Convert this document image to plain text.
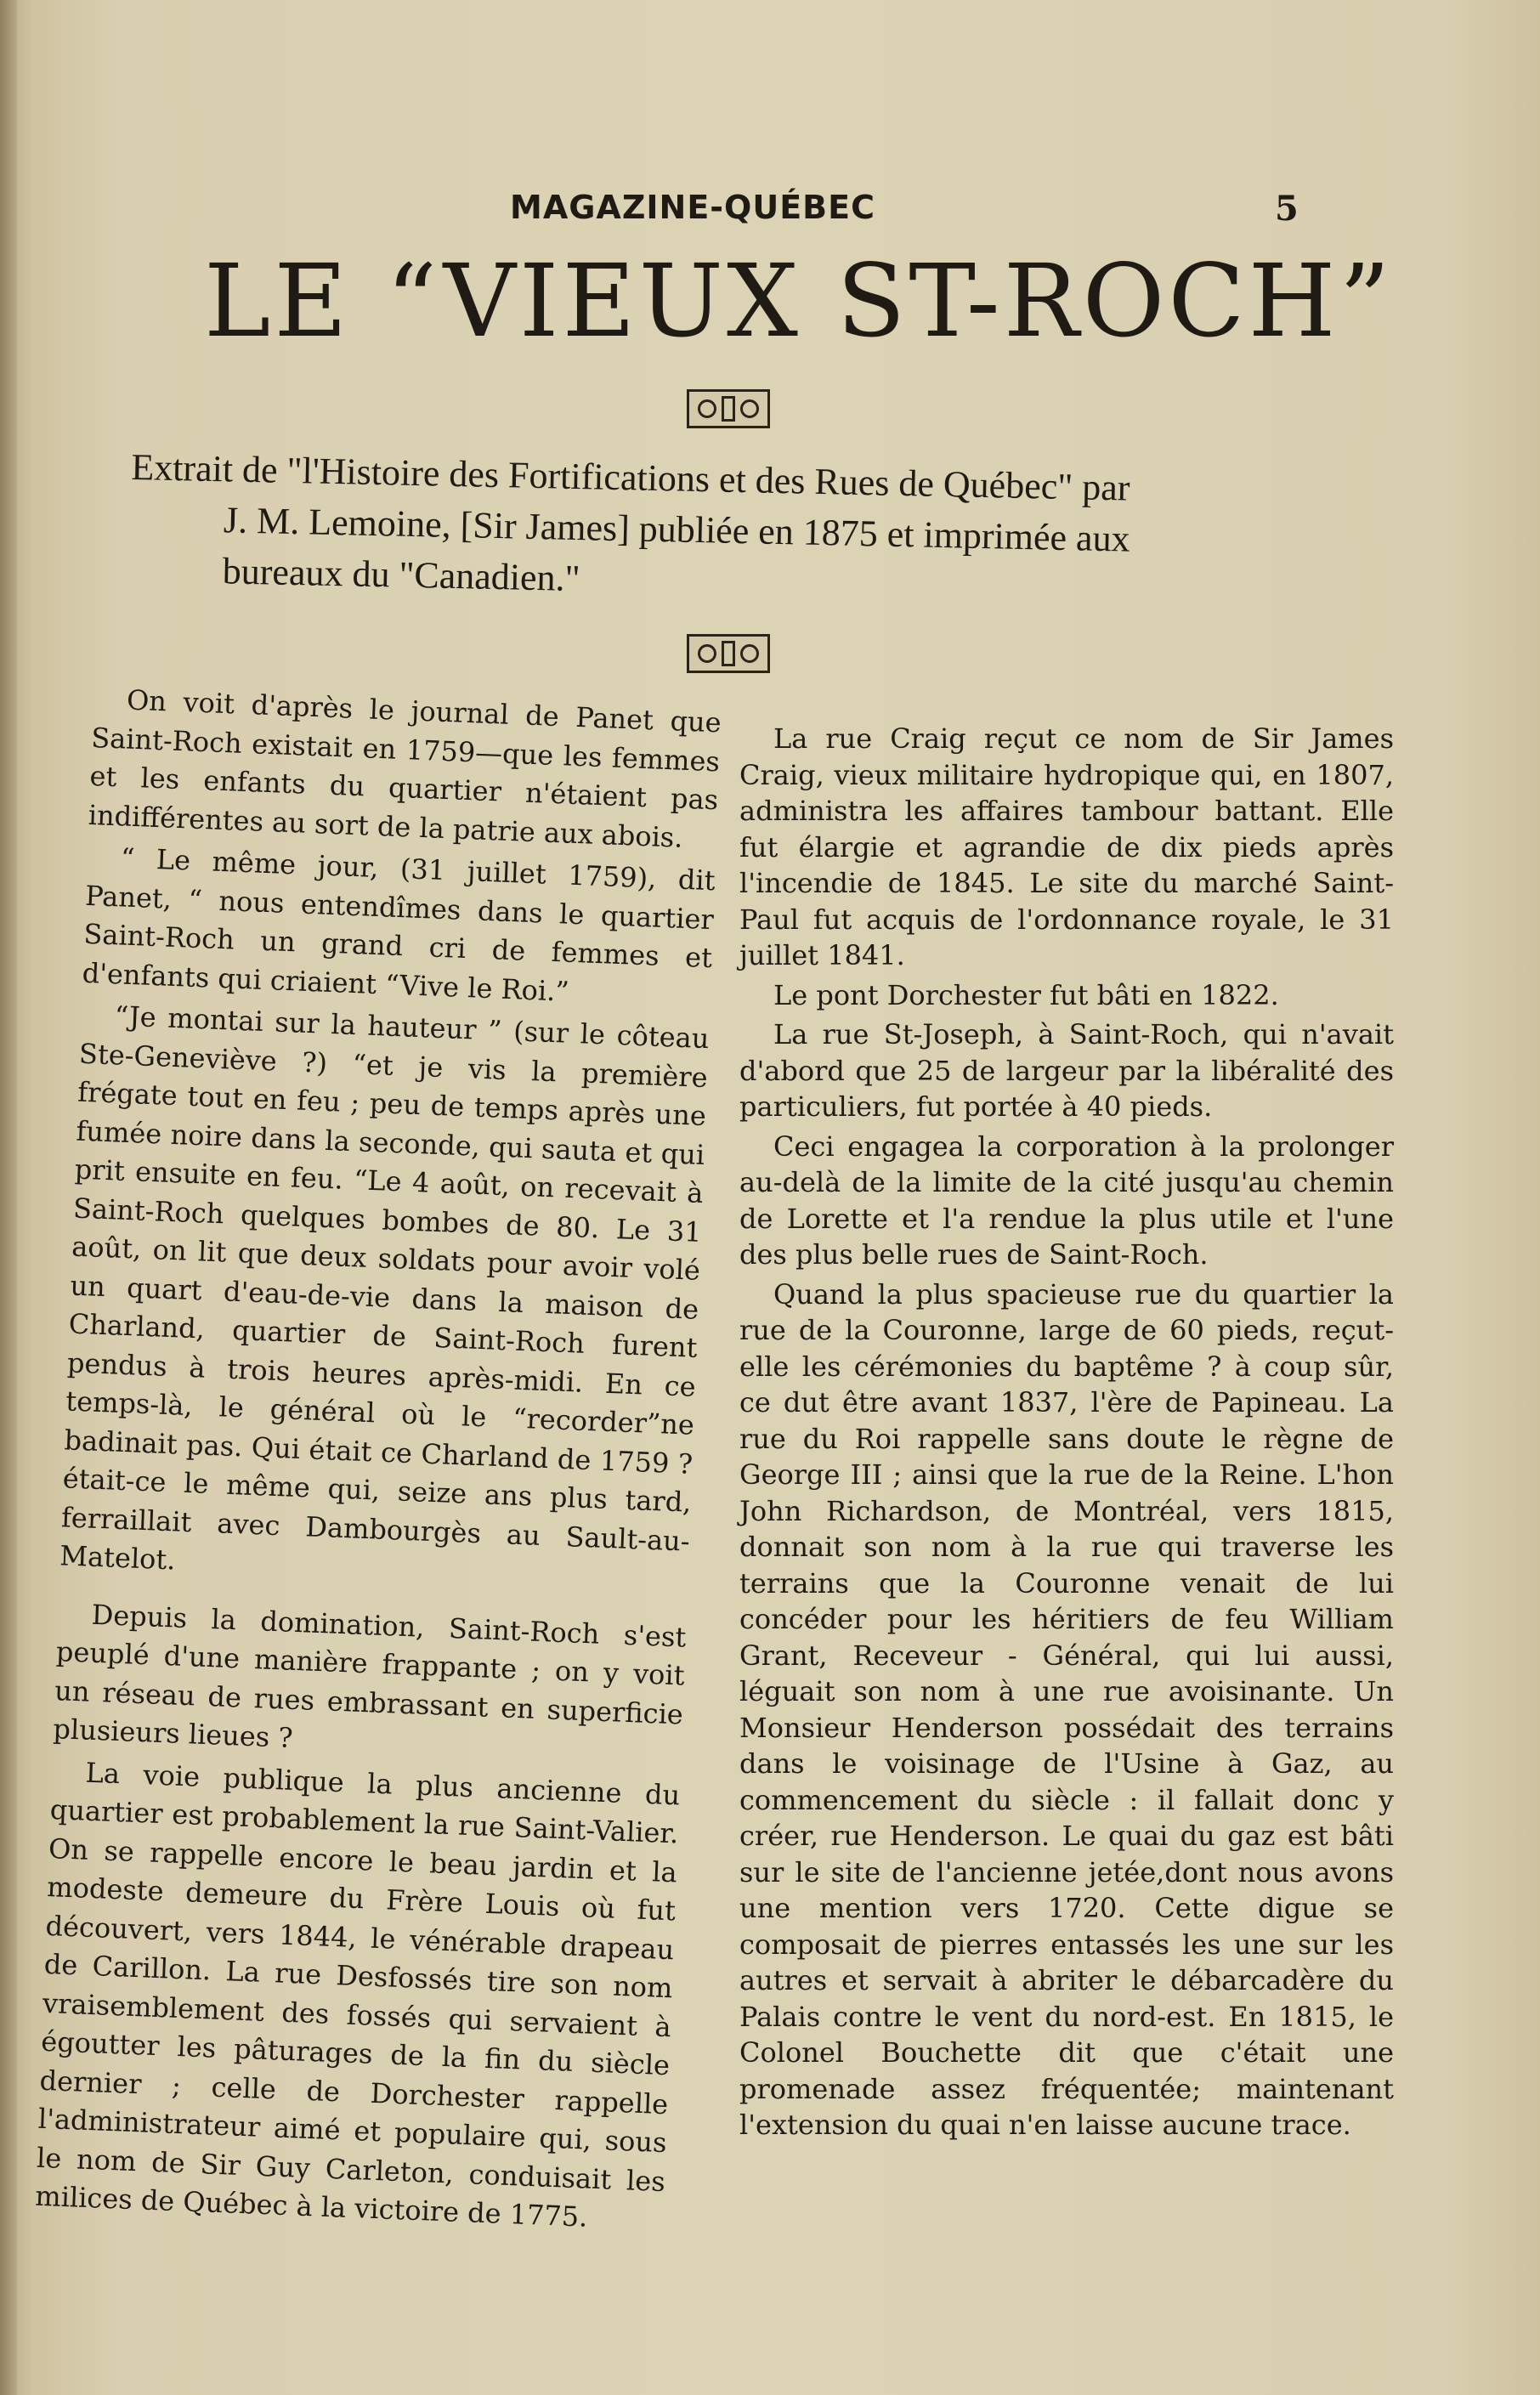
MAGAZINE-QUÉBEC	5
LE “VIEUX ST-ROCH”

Extrait de "l'Histoire des Fortifications et des Rues de Québec" par

J. M. Lemoine, [Sir James] publiée en 1875 et imprimée aux

bureaux du "Canadien."

On voit d'après le journal de Panet que Saint-Roch existait en 1759—que les femmes et les enfants du quartier n'étaient pas indifférentes au sort de la patrie aux abois.

“ Le même jour, (31 juillet 1759), dit Panet, “ nous entendîmes dans le quartier Saint-Roch un grand cri de femmes et d'enfants qui criaient “Vive le Roi.”

“Je montai sur la hauteur ” (sur le côteau Ste-Geneviève ?) “et je vis la première frégate tout en feu ; peu de temps après une fumée noire dans la seconde, qui sauta et qui prit ensuite en feu. “Le 4 août, on recevait à Saint-Roch quelques bombes de 80. Le 31 août, on lit que deux soldats pour avoir volé un quart d'eau-de-vie dans la maison de Charland, quartier de Saint-Roch furent pendus à trois heures après-midi. En ce temps-là, le général où le “recorder”ne badinait pas. Qui était ce Charland de 1759 ? était-ce le même qui, seize ans plus tard, ferraillait avec Dambourgès au Sault-au-Matelot.

Depuis la domination, Saint-Roch s'est peuplé d'une manière frappante ; on y voit un réseau de rues embrassant en superficie plusieurs lieues ?

La voie publique la plus ancienne du quartier est probablement la rue Saint-Valier. On se rappelle encore le beau jardin et la modeste demeure du Frère Louis où fut découvert, vers 1844, le vénérable drapeau de Carillon. La rue Desfossés tire son nom vraisemblement des fossés qui servaient à égoutter les pâturages de la fin du siècle dernier ; celle de Dorchester rappelle l'administrateur aimé et populaire qui, sous le nom de Sir Guy Carleton, conduisait les milices de Québec à la victoire de 1775.

La rue Craig reçut ce nom de Sir James Craig, vieux militaire hydropique qui, en 1807, administra les affaires tambour battant. Elle fut élargie et agrandie de dix pieds après l'incendie de 1845. Le site du marché Saint-Paul fut acquis de l'ordonnance royale, le 31 juillet 1841.

Le pont Dorchester fut bâti en 1822.

La rue St-Joseph, à Saint-Roch, qui n'avait d'abord que 25 de largeur par la libéralité des particuliers, fut portée à 40 pieds.

Ceci engagea la corporation à la prolonger au-delà de la limite de la cité jusqu'au chemin de Lorette et l'a rendue la plus utile et l'une des plus belle rues de Saint-Roch.

Quand la plus spacieuse rue du quartier la rue de la Couronne, large de 60 pieds, reçut-elle les cérémonies du baptême ? à coup sûr, ce dut être avant 1837, l'ère de Papineau. La rue du Roi rappelle sans doute le règne de George III ; ainsi que la rue de la Reine. L'hon John Richardson, de Montréal, vers 1815, donnait son nom à la rue qui traverse les terrains que la Couronne venait de lui concéder pour les héritiers de feu William Grant, Receveur - Général, qui lui aussi, léguait son nom à une rue avoisinante. Un Monsieur Henderson possédait des terrains dans le voisinage de l'Usine à Gaz, au commencement du siècle : il fallait donc y créer, rue Henderson. Le quai du gaz est bâti sur le site de l'ancienne jetée,dont nous avons une mention vers 1720. Cette digue se composait de pierres entassés les une sur les autres et servait à abriter le débarcadère du Palais contre le vent du nord-est. En 1815, le Colonel Bouchette dit que c'était une promenade assez fréquentée; maintenant l'extension du quai n'en laisse aucune trace.
